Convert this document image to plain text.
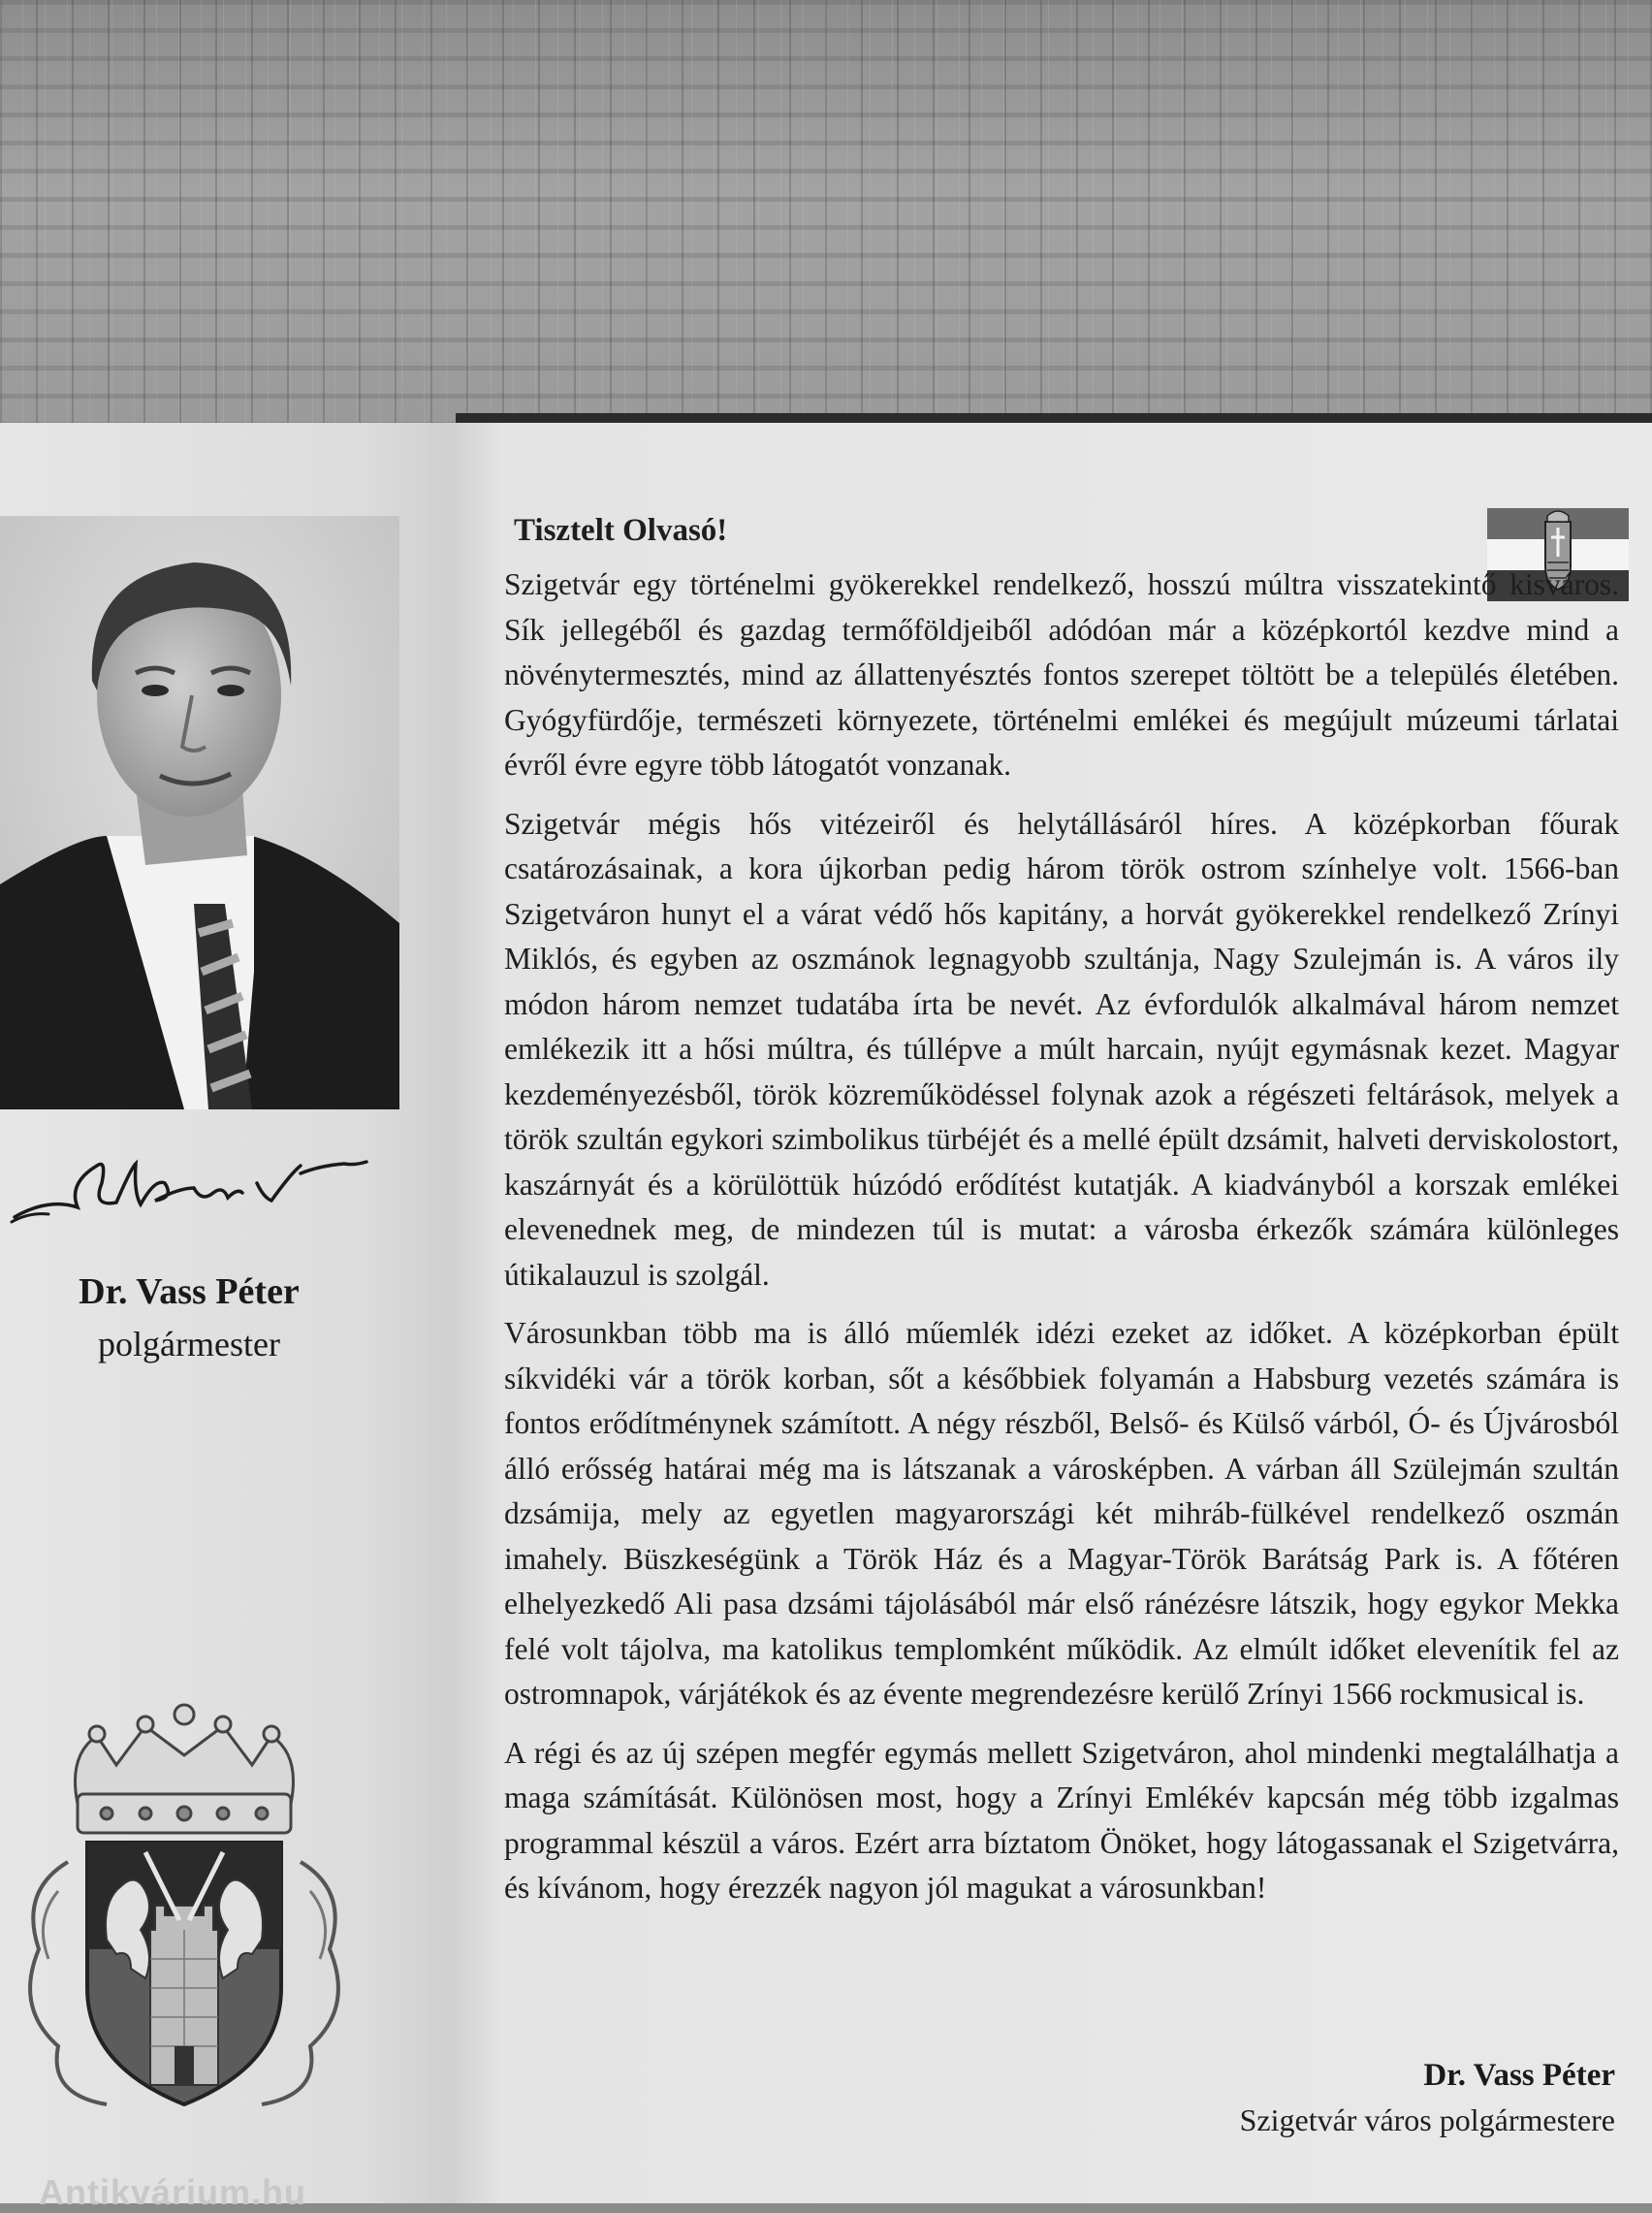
Dr. Vass Péter
polgármester
Antikvárium.hu
Tisztelt Olvasó!

Szigetvár egy történelmi gyökerekkel rendelkező, hosszú múltra visszatekintő kisváros. Sík jellegéből és gazdag termőföldjeiből adódóan már a középkortól kezdve mind a növénytermesztés, mind az állattenyésztés fontos szerepet töltött be a település életében. Gyógyfürdője, természeti környezete, történelmi emlékei és megújult múzeumi tárlatai évről évre egyre több látogatót vonzanak.

Szigetvár mégis hős vitézeiről és helytállásáról híres. A középkorban főurak csatározásainak, a kora újkorban pedig három török ostrom színhelye volt. 1566-ban Szigetváron hunyt el a várat védő hős kapitány, a horvát gyökerekkel rendelkező Zrínyi Miklós, és egyben az oszmánok legnagyobb szultánja, Nagy Szulejmán is. A város ily módon három nemzet tudatába írta be nevét. Az évfordulók alkalmával három nemzet emlékezik itt a hősi múltra, és túllépve a múlt harcain, nyújt egymásnak kezet. Magyar kezdeményezésből, török közreműködéssel folynak azok a régészeti feltárások, melyek a török szultán egykori szimbolikus türbéjét és a mellé épült dzsámit, halveti derviskolostort, kaszárnyát és a körülöttük húzódó erődítést kutatják. A kiadványból a korszak emlékei elevenednek meg, de mindezen túl is mutat: a városba érkezők számára különleges útikalauzul is szolgál.

Városunkban több ma is álló műemlék idézi ezeket az időket. A középkorban épült síkvidéki vár a török korban, sőt a későbbiek folyamán a Habsburg vezetés számára is fontos erődítménynek számított. A négy részből, Belső- és Külső várból, Ó- és Újvárosból álló erősség határai még ma is látszanak a városképben. A várban áll Szülejmán szultán dzsámija, mely az egyetlen magyarországi két mihráb-fülkével rendelkező oszmán imahely. Büszkeségünk a Török Ház és a Magyar-Török Barátság Park is. A főtéren elhelyezkedő Ali pasa dzsámi tájolásából már első ránézésre látszik, hogy egykor Mekka felé volt tájolva, ma katolikus templomként működik. Az elmúlt időket elevenítik fel az ostromnapok, várjátékok és az évente megrendezésre kerülő Zrínyi 1566 rockmusical is.

A régi és az új szépen megfér egymás mellett Szigetváron, ahol mindenki megtalálhatja a maga számítását. Különösen most, hogy a Zrínyi Emlékév kapcsán még több izgalmas programmal készül a város. Ezért arra bíztatom Önöket, hogy látogassanak el Szigetvárra, és kívánom, hogy érezzék nagyon jól magukat a városunkban!

Dr. Vass Péter
Szigetvár város polgármestere
